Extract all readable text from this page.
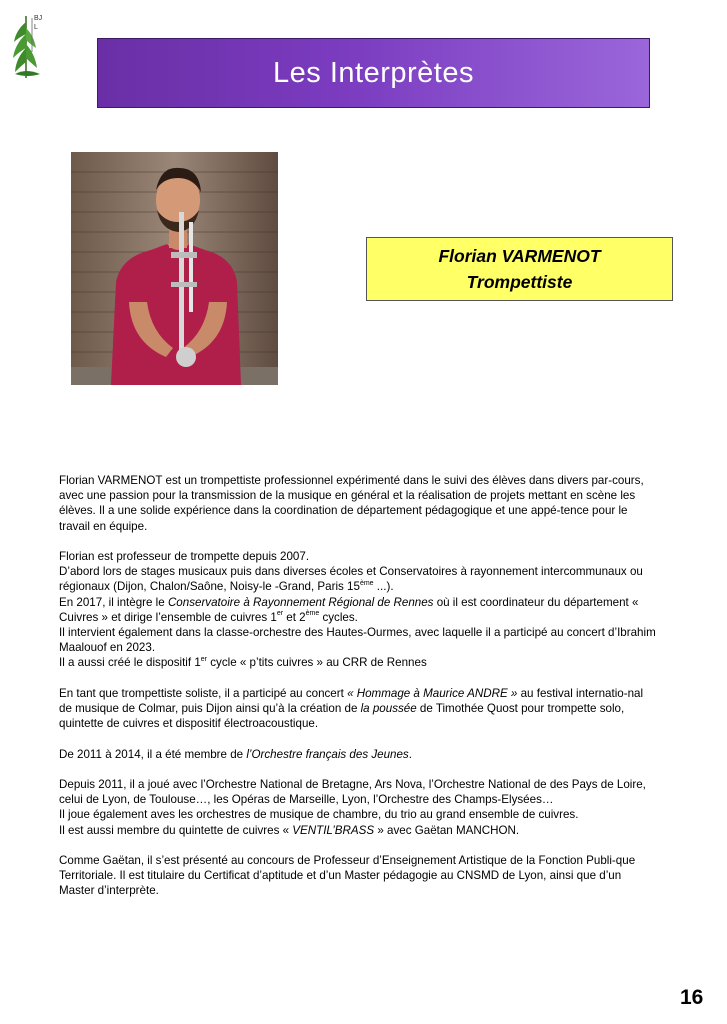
BJL
Les Interprètes
Florian VARMENOT
Trompettiste

Florian VARMENOT est un trompettiste professionnel expérimenté dans le suivi des élèves dans divers par-cours, avec une passion pour la transmission de la musique en général et la réalisation de projets mettant en scène les élèves. Il a une solide expérience dans la coordination de département pédagogique et une appé-tence pour le travail en équipe.

Florian est professeur de trompette depuis 2007.

D’abord lors de stages musicaux puis dans diverses écoles et Conservatoires à rayonnement intercommunaux ou régionaux (Dijon, Chalon/Saône, Noisy-le -Grand, Paris 15ème ...).

En 2017, il intègre le Conservatoire à Rayonnement Régional de Rennes où il est coordinateur du département « Cuivres » et dirige l’ensemble de cuivres 1er et 2ème cycles.

Il intervient également dans la classe-orchestre des Hautes-Ourmes, avec laquelle il a participé au concert d’Ibrahim Maalouof en 2023.

Il a aussi créé le dispositif 1er cycle « p’tits cuivres » au CRR de Rennes

En tant que trompettiste soliste, il a participé au concert « Hommage à Maurice ANDRE » au festival internatio-nal de musique de Colmar, puis Dijon ainsi qu’à la création de la poussée de Timothée Quost pour trompette solo, quintette de cuivres et dispositif électroacoustique.

De 2011 à 2014, il a été membre de l’Orchestre français des Jeunes.

Depuis 2011, il a joué avec l’Orchestre National de Bretagne, Ars Nova, l’Orchestre National de des Pays de Loire, celui de Lyon, de Toulouse…, les Opéras de Marseille, Lyon, l’Orchestre des Champs-Elysées…

Il joue également aves les orchestres de musique de chambre, du trio au grand ensemble de cuivres.

Il est aussi membre du quintette de cuivres « VENTIL’BRASS » avec Gaëtan MANCHON.

Comme Gaëtan, il s’est présenté au concours de Professeur d’Enseignement Artistique de la Fonction Publi-que Territoriale. Il est titulaire du Certificat d’aptitude et d’un Master pédagogie au CNSMD de Lyon, ainsi que d’un Master d’interprète.

16
